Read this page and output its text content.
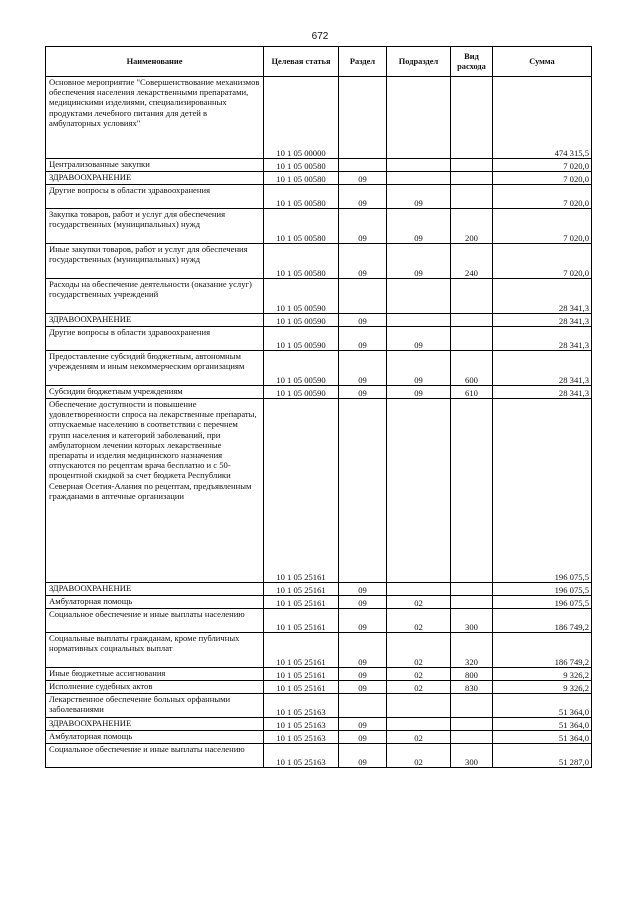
672
Наименование	Целевая статья	Раздел	Подраздел	Вид расхода	Сумма
Основное мероприятие "Совершенствование механизмов обеспечения населения лекарственными препаратами, медицинскими изделиями, специализированных продуктами лечебного питания для детей в амбулаторных условиях"	10 1 05 00000				474 315,5
Централизованные закупки	10 1 05 00580				7 020,0
ЗДРАВООХРАНЕНИЕ	10 1 05 00580	09			7 020,0
Другие вопросы в области здравоохранения	10 1 05 00580	09	09		7 020,0
Закупка товаров, работ и услуг для обеспечения государственных (муниципальных) нужд	10 1 05 00580	09	09	200	7 020,0
Иные закупки товаров, работ и услуг для обеспечения государственных (муниципальных) нужд	10 1 05 00580	09	09	240	7 020,0
Расходы на обеспечение деятельности (оказание услуг) государственных учреждений	10 1 05 00590				28 341,3
ЗДРАВООХРАНЕНИЕ	10 1 05 00590	09			28 341,3
Другие вопросы в области здравоохранения	10 1 05 00590	09	09		28 341,3
Предоставление субсидий бюджетным, автономным учреждениям и иным некоммерческим организациям	10 1 05 00590	09	09	600	28 341,3
Субсидии бюджетным учреждениям	10 1 05 00590	09	09	610	28 341,3
Обеспечение доступности и повышение удовлетворенности спроса на лекарственные препараты, отпускаемые населению в соответствии с перечнем групп населения и категорий заболеваний, при амбулаторном лечении которых лекарственные препараты и изделия медицинского назначения отпускаются по рецептам врача бесплатно и с 50-процентной скидкой за счет бюджета Республики Северная Осетия-Алания по рецептам, предъявленным гражданами в аптечные организации	10 1 05 25161				196 075,5
ЗДРАВООХРАНЕНИЕ	10 1 05 25161	09			196 075,5
Амбулаторная помощь	10 1 05 25161	09	02		196 075,5
Социальное обеспечение и иные выплаты населению	10 1 05 25161	09	02	300	186 749,2
Социальные выплаты гражданам, кроме публичных нормативных социальных выплат	10 1 05 25161	09	02	320	186 749,2
Иные бюджетные ассигнования	10 1 05 25161	09	02	800	9 326,2
Исполнение судебных актов	10 1 05 25161	09	02	830	9 326,2
Лекарственное обеспечение больных орфанными заболеваниями	10 1 05 25163				51 364,0
ЗДРАВООХРАНЕНИЕ	10 1 05 25163	09			51 364,0
Амбулаторная помощь	10 1 05 25163	09	02		51 364,0
Социальное обеспечение и иные выплаты населению	10 1 05 25163	09	02	300	51 287,0
